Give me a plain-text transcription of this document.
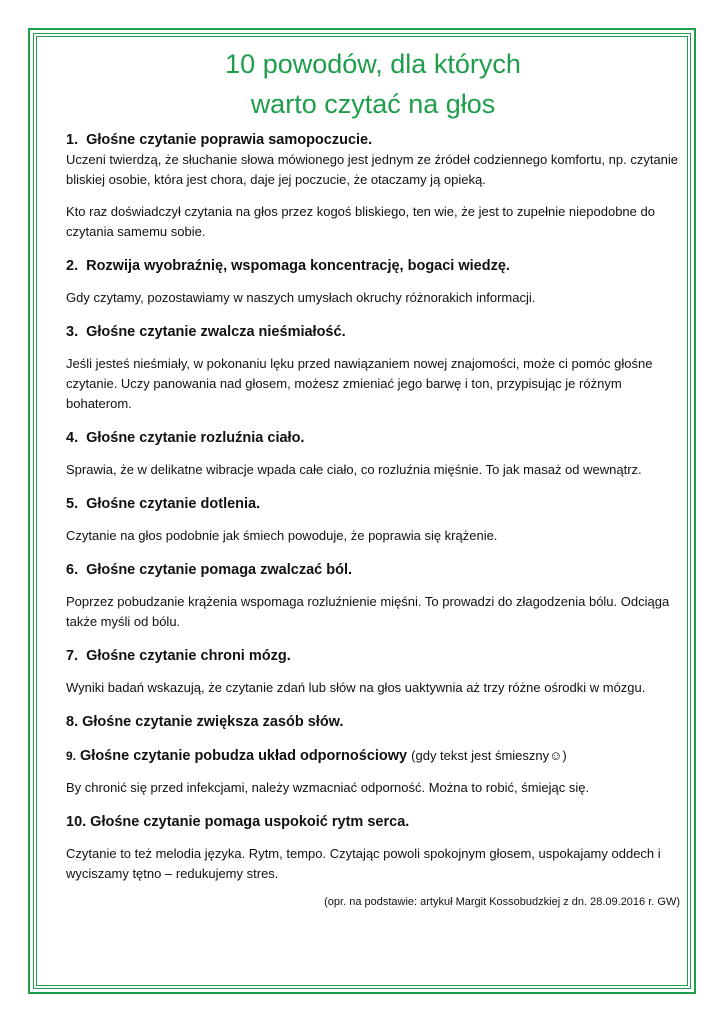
10 powodów, dla których
warto czytać na głos

1. Głośne czytanie poprawia samopoczucie.

Uczeni twierdzą, że słuchanie słowa mówionego jest jednym ze źródeł codziennego komfortu, np. czytanie bliskiej osobie, która jest chora, daje jej poczucie, że otaczamy ją opieką.

Kto raz doświadczył czytania na głos przez kogoś bliskiego, ten wie, że jest to zupełnie niepodobne do czytania samemu sobie.

2. Rozwija wyobraźnię, wspomaga koncentrację, bogaci wiedzę.

Gdy czytamy, pozostawiamy w naszych umysłach okruchy różnorakich informacji.

3. Głośne czytanie zwalcza nieśmiałość.

Jeśli jesteś nieśmiały, w pokonaniu lęku przed nawiązaniem nowej znajomości, może ci pomóc głośne czytanie. Uczy panowania nad głosem, możesz zmieniać jego barwę i ton, przypisując je różnym bohaterom.

4. Głośne czytanie rozluźnia ciało.

Sprawia, że w delikatne wibracje wpada całe ciało, co rozluźnia mięśnie. To jak masaż od wewnątrz.

5. Głośne czytanie dotlenia.

Czytanie na głos podobnie jak śmiech powoduje, że poprawia się krążenie.

6. Głośne czytanie pomaga zwalczać ból.

Poprzez pobudzanie krążenia wspomaga rozluźnienie mięśni. To prowadzi do złagodzenia bólu. Odciąga także myśli od bólu.

7. Głośne czytanie chroni mózg.

Wyniki badań wskazują, że czytanie zdań lub słów na głos uaktywnia aż trzy różne ośrodki w mózgu.

8. Głośne czytanie zwiększa zasób słów.

9. Głośne czytanie pobudza układ odpornościowy (gdy tekst jest śmieszny☺)

By chronić się przed infekcjami, należy wzmacniać odporność. Można to robić, śmiejąc się.

10. Głośne czytanie pomaga uspokoić rytm serca.

Czytanie to też melodia języka. Rytm, tempo. Czytając powoli spokojnym głosem, uspokajamy oddech i wyciszamy tętno – redukujemy stres.

(opr. na podstawie: artykuł Margit Kossobudzkiej z dn. 28.09.2016 r. GW)
